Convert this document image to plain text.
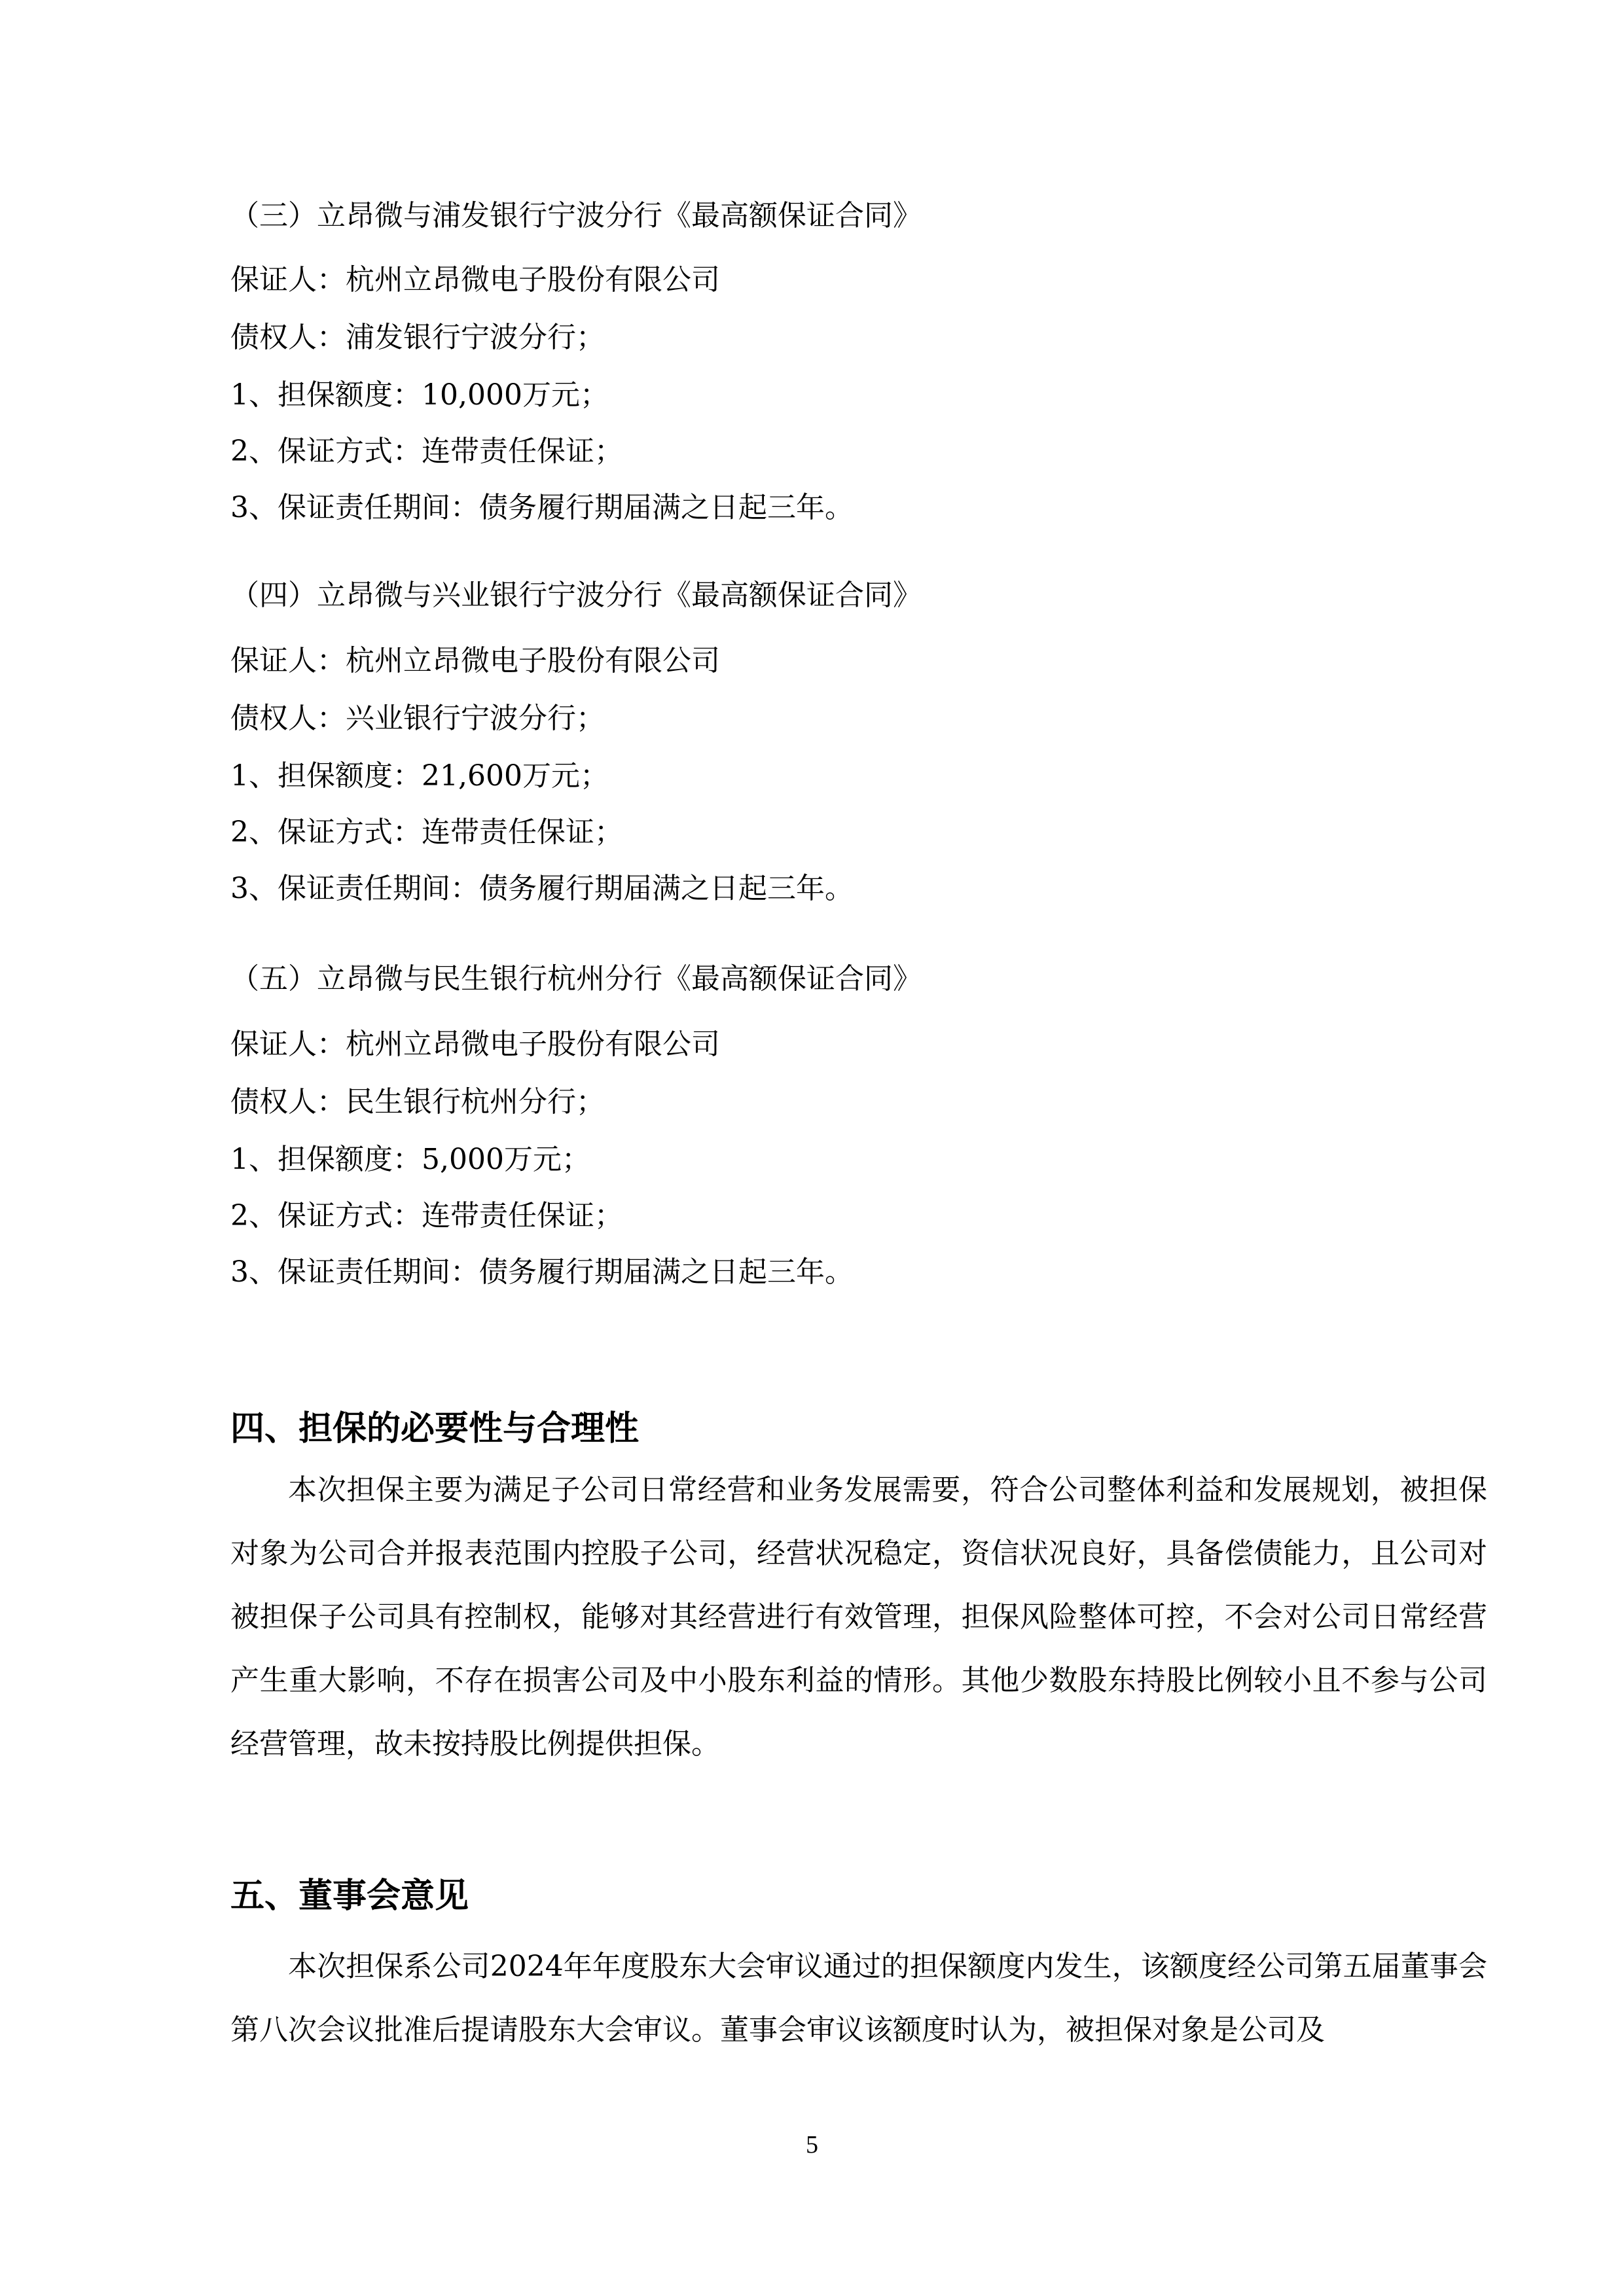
（三）立昂微与浦发银行宁波分行《最高额保证合同》
保证人：杭州立昂微电子股份有限公司
债权人：浦发银行宁波分行；
1、担保额度：10,000万元；
2、保证方式：连带责任保证；
3、保证责任期间：债务履行期届满之日起三年。
（四）立昂微与兴业银行宁波分行《最高额保证合同》
保证人：杭州立昂微电子股份有限公司
债权人：兴业银行宁波分行；
1、担保额度：21,600万元；
2、保证方式：连带责任保证；
3、保证责任期间：债务履行期届满之日起三年。
（五）立昂微与民生银行杭州分行《最高额保证合同》
保证人：杭州立昂微电子股份有限公司
债权人：民生银行杭州分行；
1、担保额度：5,000万元；
2、保证方式：连带责任保证；
3、保证责任期间：债务履行期届满之日起三年。
四、担保的必要性与合理性
本次担保主要为满足子公司日常经营和业务发展需要，符合公司整体利益和发展规划，被担保对象为公司合并报表范围内控股子公司，经营状况稳定，资信状况良好，具备偿债能力，且公司对被担保子公司具有控制权，能够对其经营进行有效管理，担保风险整体可控，不会对公司日常经营产生重大影响，不存在损害公司及中小股东利益的情形。其他少数股东持股比例较小且不参与公司经营管理，故未按持股比例提供担保。
五、董事会意见
本次担保系公司2024年年度股东大会审议通过的担保额度内发生，该额度经公司第五届董事会第八次会议批准后提请股东大会审议。董事会审议该额度时认为，被担保对象是公司及
5
